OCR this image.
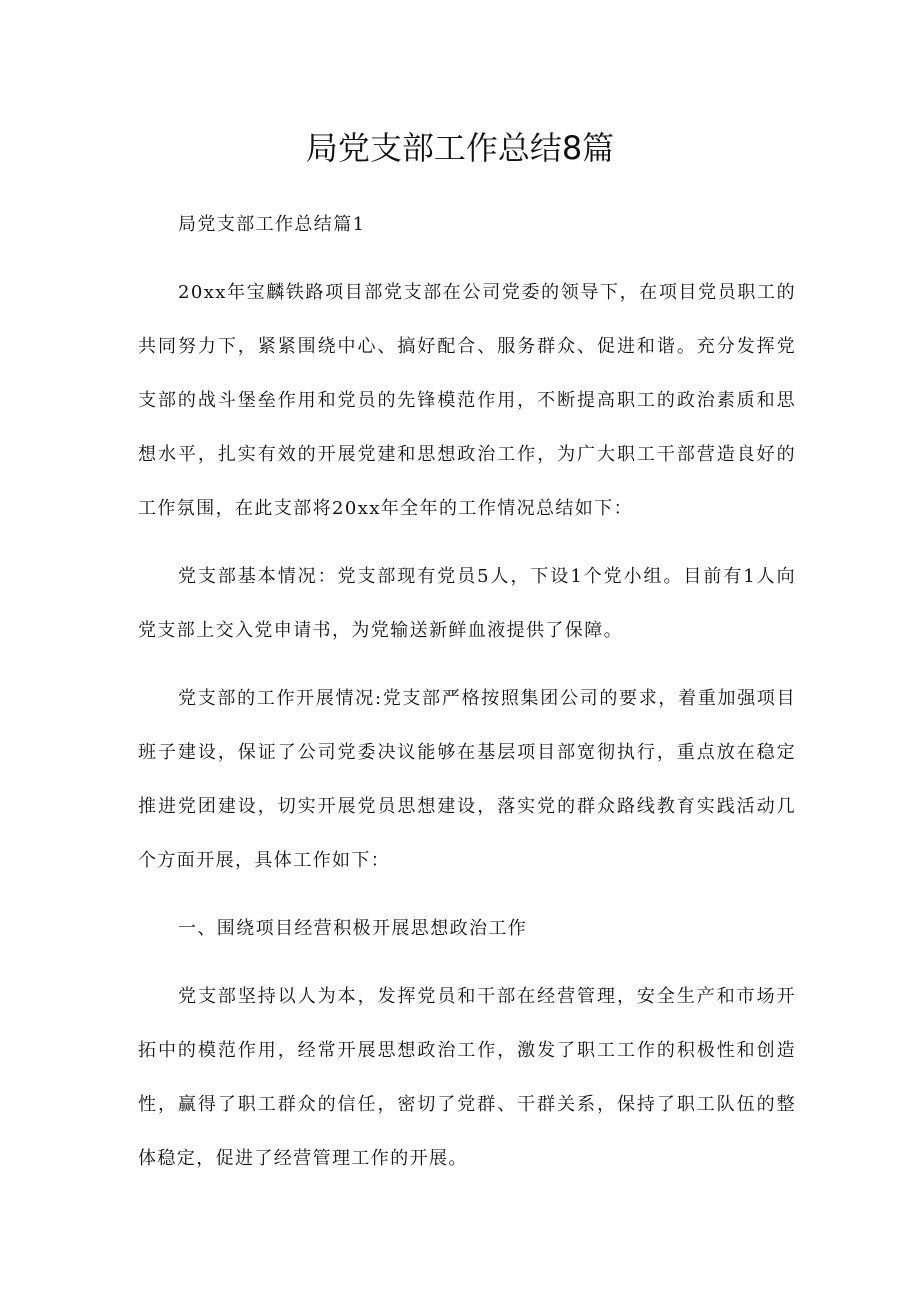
局党支部工作总结8篇

局党支部工作总结篇1

20xx年宝麟铁路项目部党支部在公司党委的领导下，在项目党员职工的共同努力下，紧紧围绕中心、搞好配合、服务群众、促进和谐。充分发挥党支部的战斗堡垒作用和党员的先锋模范作用，不断提高职工的政治素质和思想水平，扎实有效的开展党建和思想政治工作，为广大职工干部营造良好的工作氛围，在此支部将20xx年全年的工作情况总结如下：

党支部基本情况：党支部现有党员5人，下设1个党小组。目前有1人向党支部上交入党申请书，为党输送新鲜血液提供了保障。

党支部的工作开展情况:党支部严格按照集团公司的要求，着重加强项目班子建设，保证了公司党委决议能够在基层项目部宽彻执行，重点放在稳定推进党团建设，切实开展党员思想建设，落实党的群众路线教育实践活动几个方面开展，具体工作如下：

一、围绕项目经营积极开展思想政治工作

党支部坚持以人为本，发挥党员和干部在经营管理，安全生产和市场开拓中的模范作用，经常开展思想政治工作，激发了职工工作的积极性和创造性，赢得了职工群众的信任，密切了党群、干群关系，保持了职工队伍的整体稳定，促进了经营管理工作的开展。
